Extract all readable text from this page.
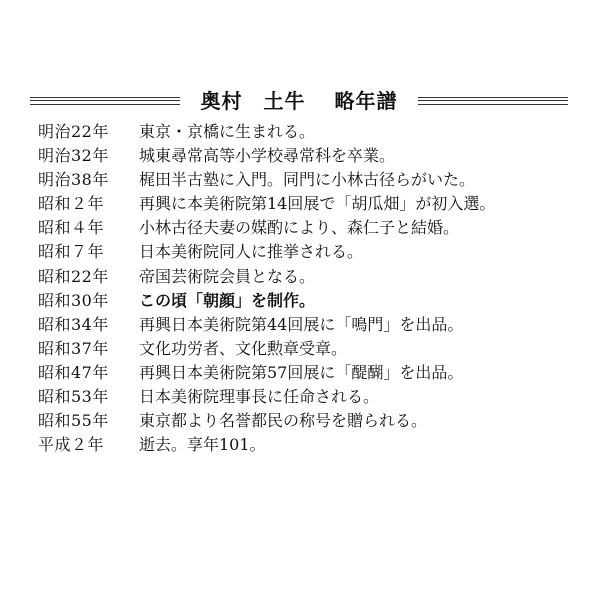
奥村　土牛　 略年譜
明治22年	東京・京橋に生まれる。
明治32年	城東尋常高等小学校尋常科を卒業。
明治38年	梶田半古塾に入門。同門に小林古径らがいた。
昭和２年	再興に本美術院第14回展で「胡瓜畑」が初入選。
昭和４年	小林古径夫妻の媒酌により、森仁子と結婚。
昭和７年	日本美術院同人に推挙される。
昭和22年	帝国芸術院会員となる。
昭和30年	この頃「朝顔」を制作。
昭和34年	再興日本美術院第44回展に「鳴門」を出品。
昭和37年	文化功労者、文化勲章受章。
昭和47年	再興日本美術院第57回展に「醍醐」を出品。
昭和53年	日本美術院理事長に任命される。
昭和55年	東京都より名誉都民の称号を贈られる。
平成２年	逝去。享年101。
